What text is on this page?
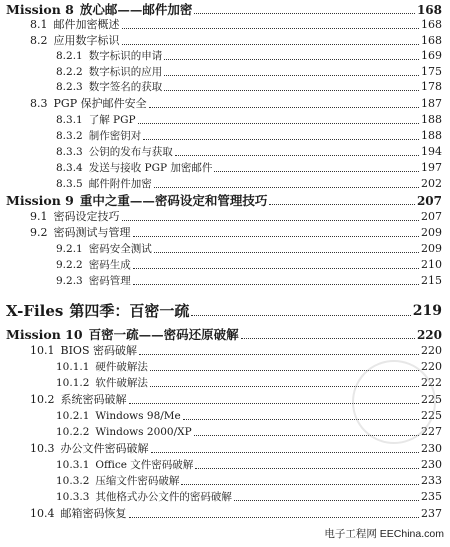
Mission 8 放心邮——邮件加密	168
8.1 邮件加密概述	168
8.2 应用数字标识	168
8.2.1 数字标识的申请	169
8.2.2 数字标识的应用	175
8.2.3 数字签名的获取	178
8.3 PGP 保护邮件安全	187
8.3.1 了解 PGP	188
8.3.2 制作密钥对	188
8.3.3 公钥的发布与获取	194
8.3.4 发送与接收 PGP 加密邮件	197
8.3.5 邮件附件加密	202
Mission 9 重中之重——密码设定和管理技巧	207
9.1 密码设定技巧	207
9.2 密码测试与管理	209
9.2.1 密码安全测试	209
9.2.2 密码生成	210
9.2.3 密码管理	215
X-Files 第四季：百密一疏	219
Mission 10 百密一疏——密码还原破解	220
10.1 BIOS 密码破解	220
10.1.1 硬件破解法	220
10.1.2 软件破解法	222
10.2 系统密码破解	225
10.2.1 Windows 98/Me	225
10.2.2 Windows 2000/XP	227
10.3 办公文件密码破解	230
10.3.1 Office 文件密码破解	230
10.3.2 压缩文件密码破解	233
10.3.3 其他格式办公文件的密码破解	235
10.4 邮箱密码恢复	237
电子工程网 EEChina.com
